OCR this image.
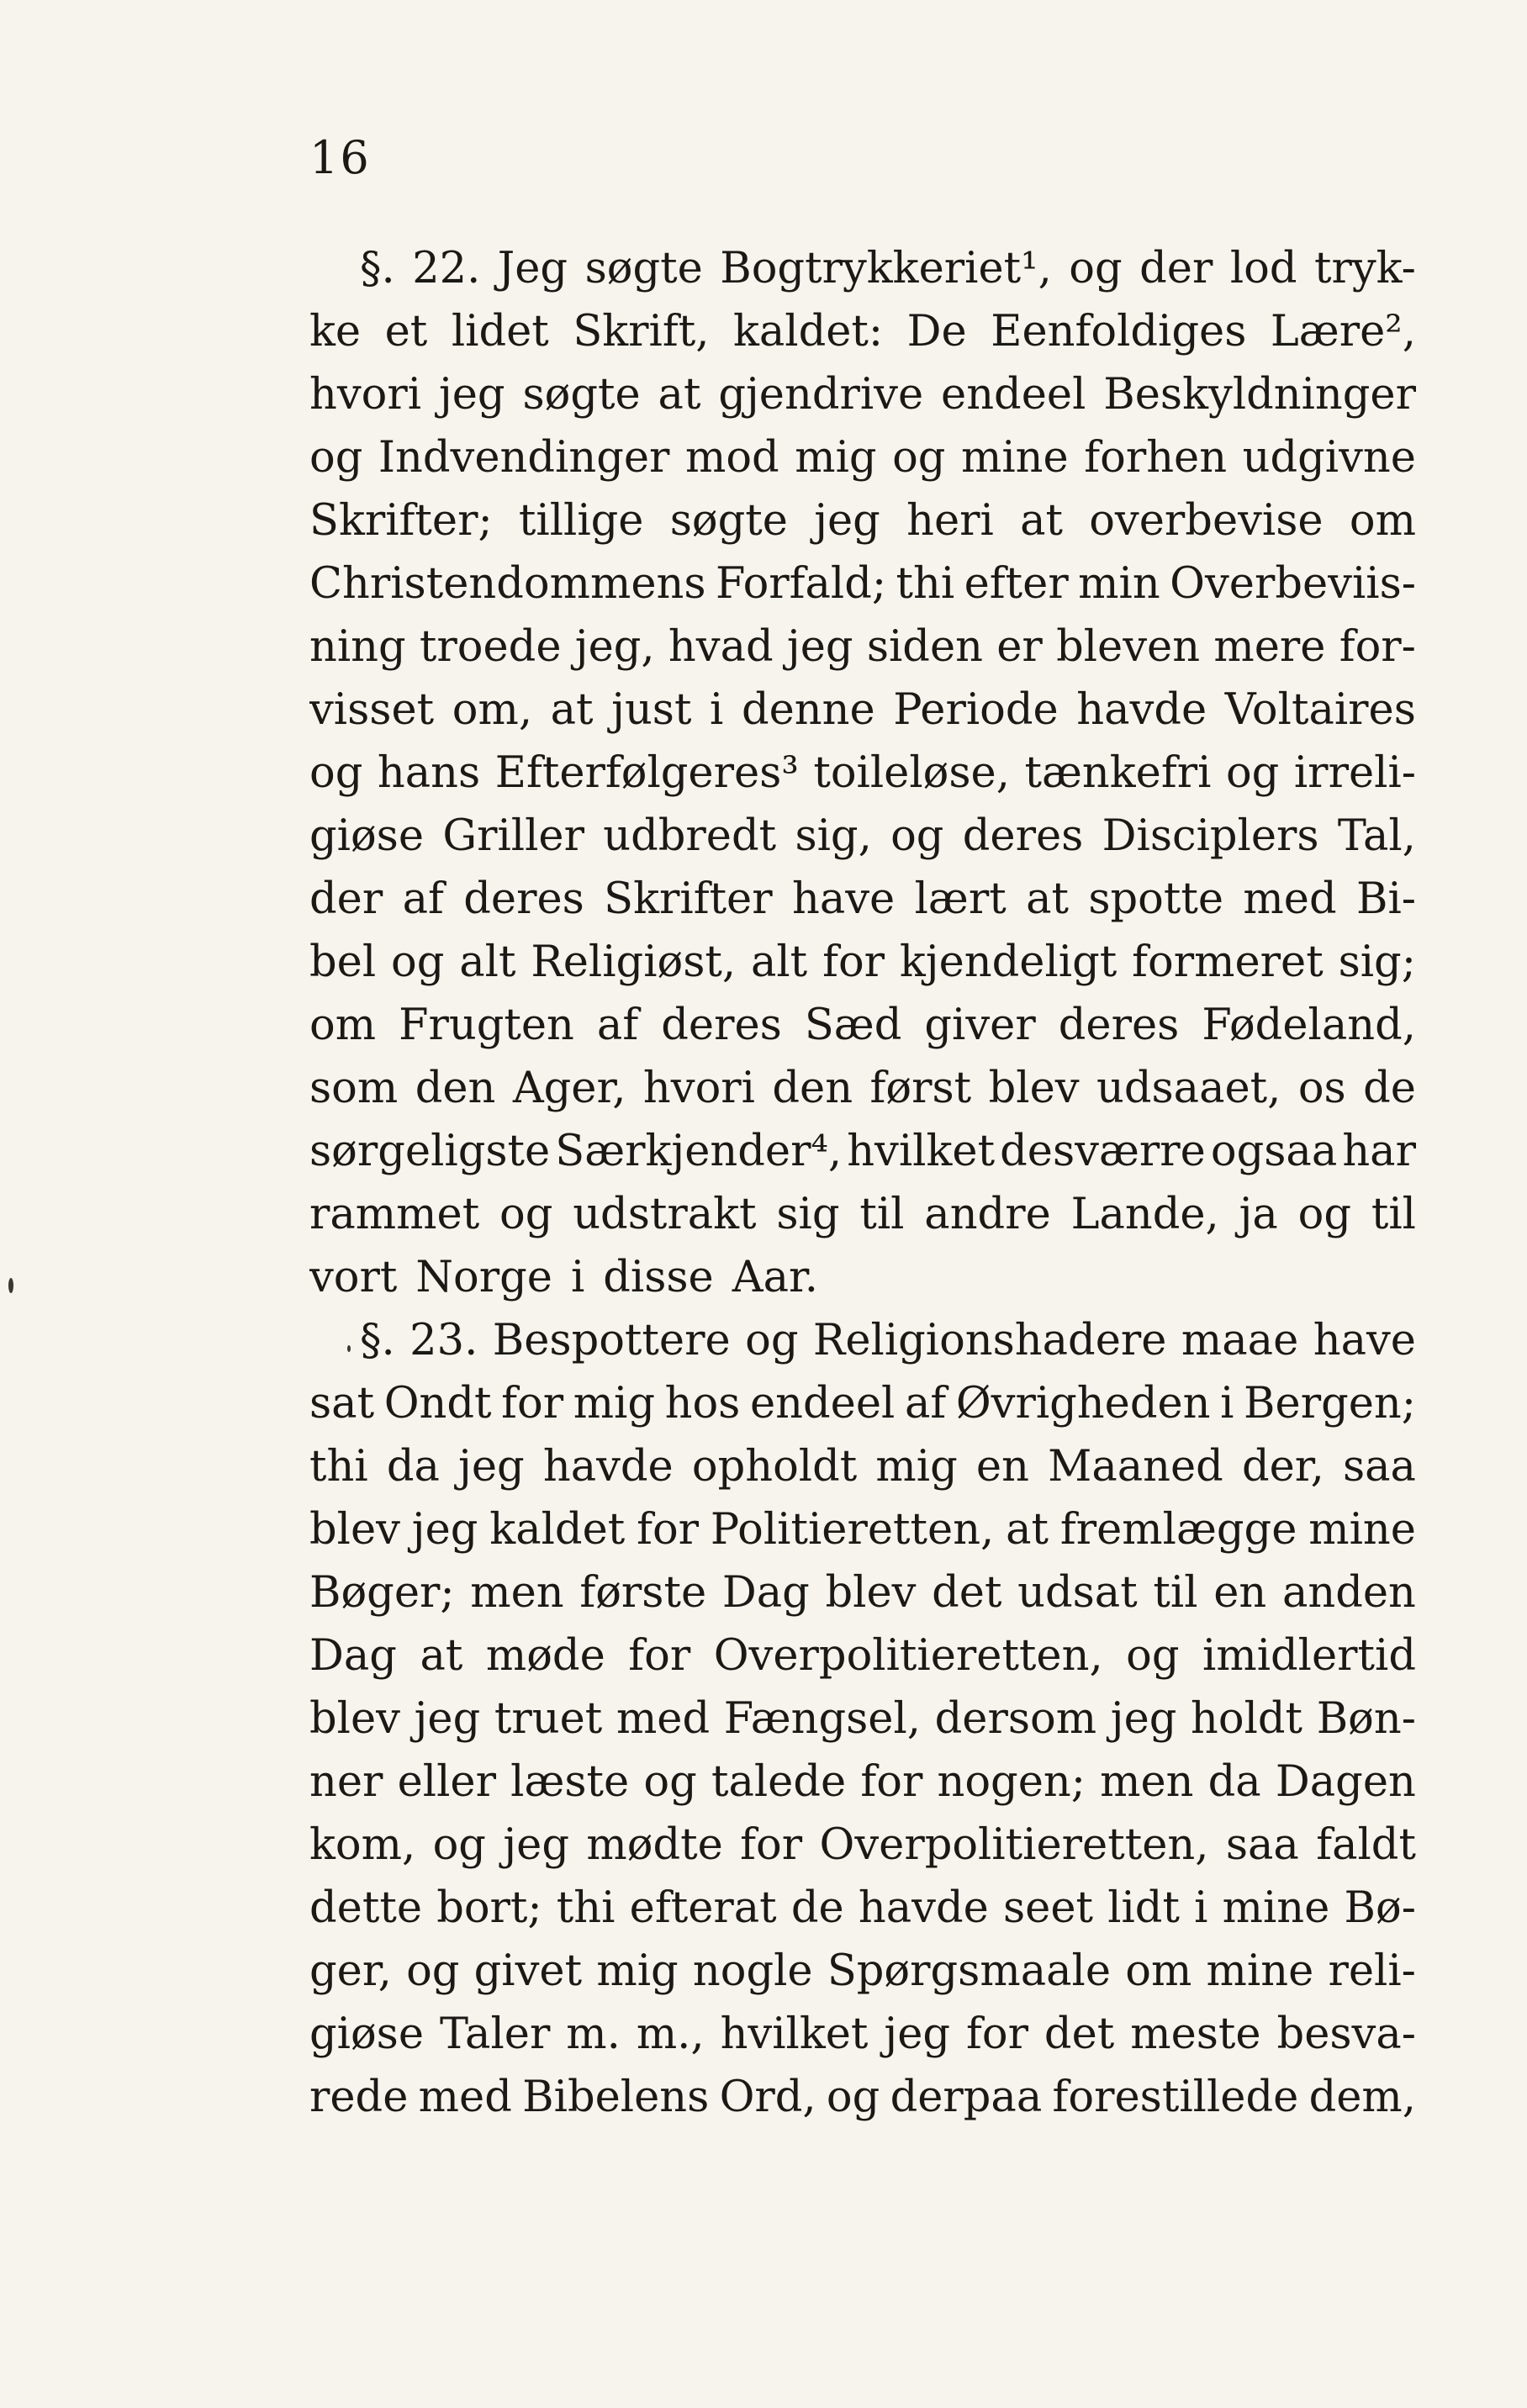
16
§. 22. Jeg søgte Bogtrykkeriet¹, og der lod tryk-
ke et lidet Skrift, kaldet: De Eenfoldiges Lære²,
hvori jeg søgte at gjendrive endeel Beskyldninger
og Indvendinger mod mig og mine forhen udgivne
Skrifter; tillige søgte jeg heri at overbevise om
Christendommens Forfald; thi efter min Overbeviis-
ning troede jeg, hvad jeg siden er bleven mere for-
visset om, at just i denne Periode havde Voltaires
og hans Efterfølgeres³ toileløse, tænkefri og irreli-
giøse Griller udbredt sig, og deres Disciplers Tal,
der af deres Skrifter have lært at spotte med Bi-
bel og alt Religiøst, alt for kjendeligt formeret sig;
om Frugten af deres Sæd giver deres Fødeland,
som den Ager, hvori den først blev udsaaet, os de
sørgeligste Særkjender⁴, hvilket desværre ogsaa har
rammet og udstrakt sig til andre Lande, ja og til
vort Norge i disse Aar.
§. 23. Bespottere og Religionshadere maae have
sat Ondt for mig hos endeel af Øvrigheden i Bergen;
thi da jeg havde opholdt mig en Maaned der, saa
blev jeg kaldet for Politieretten, at fremlægge mine
Bøger; men første Dag blev det udsat til en anden
Dag at møde for Overpolitieretten, og imidlertid
blev jeg truet med Fængsel, dersom jeg holdt Bøn-
ner eller læste og talede for nogen; men da Dagen
kom, og jeg mødte for Overpolitieretten, saa faldt
dette bort; thi efterat de havde seet lidt i mine Bø-
ger, og givet mig nogle Spørgsmaale om mine reli-
giøse Taler m. m., hvilket jeg for det meste besva-
rede med Bibelens Ord, og derpaa forestillede dem,
